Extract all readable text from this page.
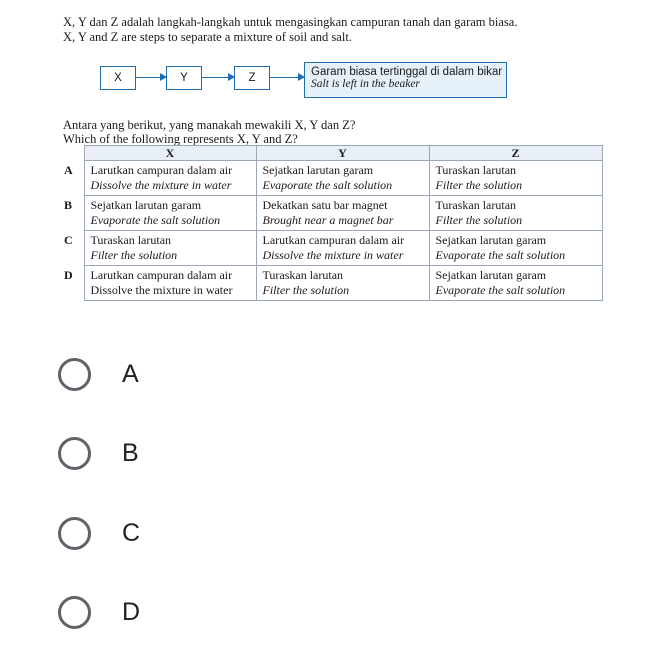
X, Y dan Z adalah langkah-langkah untuk mengasingkan campuran tanah dan garam biasa.
X, Y and Z are steps to separate a mixture of soil and salt.
X	Y	Z	Garam biasa tertinggal di dalam bikar
Salt is left in the beaker
Antara yang berikut, yang manakah mewakili X, Y dan Z?
Which of the following represents X, Y and Z?
	X	Y	Z
A	Larutkan campuran dalam air
Dissolve the mixture in water	Sejatkan larutan garam
Evaporate the salt solution	Turaskan larutan
Filter the solution

B	Sejatkan larutan garam
Evaporate the salt solution	Dekatkan satu bar magnet
Brought near a magnet bar	Turaskan larutan
Filter the solution

C	Turaskan larutan
Filter the solution	Larutkan campuran dalam air
Dissolve the mixture in water	Sejatkan larutan garam
Evaporate the salt solution

D	Larutkan campuran dalam air
Dissolve the mixture in water	Turaskan larutan
Filter the solution	Sejatkan larutan garam
Evaporate the salt solution
A
B
C
D
